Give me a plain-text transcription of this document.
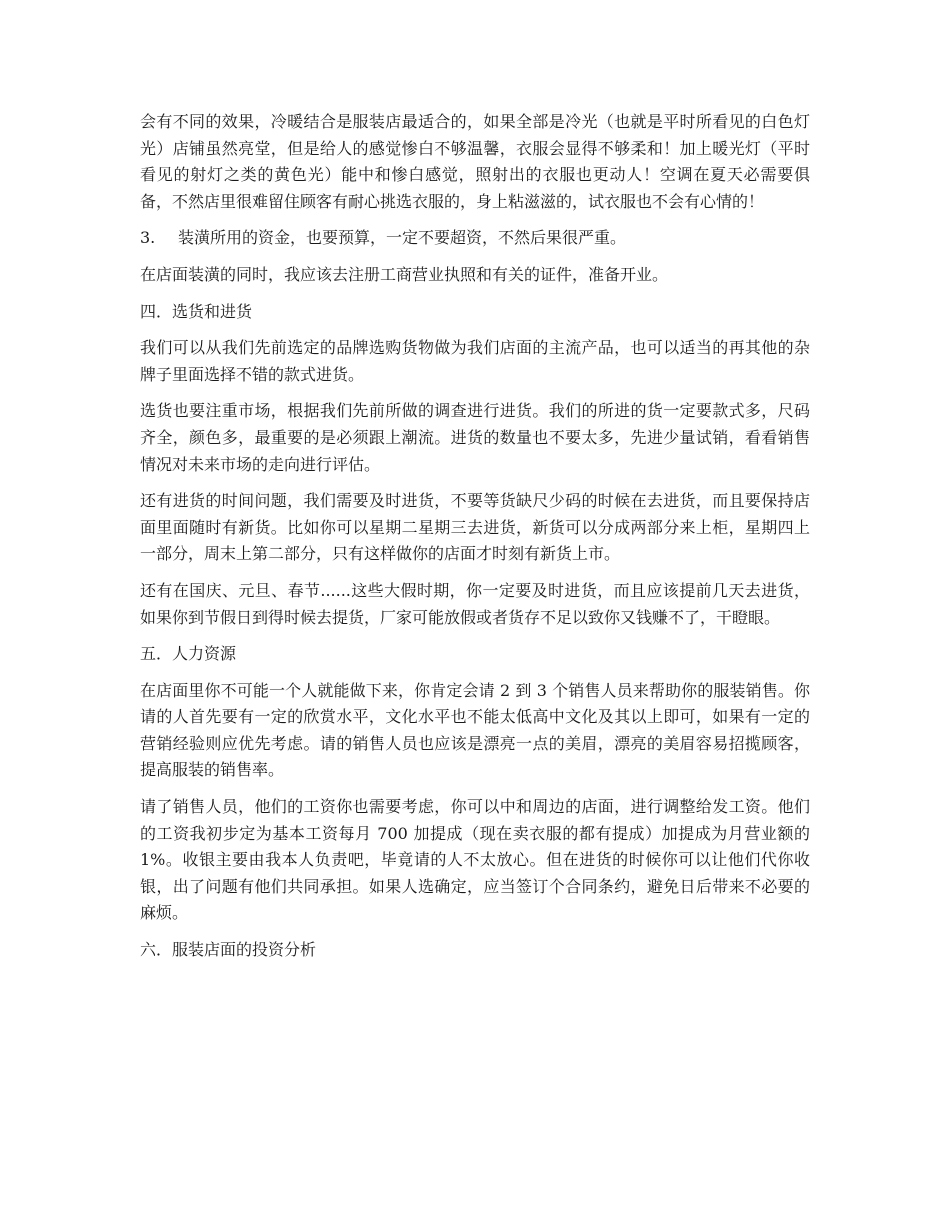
会有不同的效果，冷暖结合是服装店最适合的，如果全部是冷光（也就是平时所看见的白色灯光）店铺虽然亮堂，但是给人的感觉惨白不够温馨，衣服会显得不够柔和！加上暖光灯（平时看见的射灯之类的黄色光）能中和惨白感觉，照射出的衣服也更动人！空调在夏天必需要俱备，不然店里很难留住顾客有耐心挑选衣服的，身上粘滋滋的，试衣服也不会有心情的！

3. 装潢所用的资金，也要预算，一定不要超资，不然后果很严重。

在店面装潢的同时，我应该去注册工商营业执照和有关的证件，准备开业。

四．选货和进货

我们可以从我们先前选定的品牌选购货物做为我们店面的主流产品，也可以适当的再其他的杂牌子里面选择不错的款式进货。

选货也要注重市场，根据我们先前所做的调查进行进货。我们的所进的货一定要款式多，尺码齐全，颜色多，最重要的是必须跟上潮流。进货的数量也不要太多，先进少量试销，看看销售情况对未来市场的走向进行评估。

还有进货的时间问题，我们需要及时进货，不要等货缺尺少码的时候在去进货，而且要保持店面里面随时有新货。比如你可以星期二星期三去进货，新货可以分成两部分来上柜，星期四上一部分，周末上第二部分，只有这样做你的店面才时刻有新货上市。

还有在国庆、元旦、春节......这些大假时期，你一定要及时进货，而且应该提前几天去进货，如果你到节假日到得时候去提货，厂家可能放假或者货存不足以致你又钱赚不了，干瞪眼。

五．人力资源

在店面里你不可能一个人就能做下来，你肯定会请 2 到 3 个销售人员来帮助你的服装销售。你请的人首先要有一定的欣赏水平，文化水平也不能太低高中文化及其以上即可，如果有一定的营销经验则应优先考虑。请的销售人员也应该是漂亮一点的美眉，漂亮的美眉容易招揽顾客，提高服装的销售率。

请了销售人员，他们的工资你也需要考虑，你可以中和周边的店面，进行调整给发工资。他们的工资我初步定为基本工资每月 700 加提成（现在卖衣服的都有提成）加提成为月营业额的 1%。收银主要由我本人负责吧，毕竟请的人不太放心。但在进货的时候你可以让他们代你收银，出了问题有他们共同承担。如果人选确定，应当签订个合同条约，避免日后带来不必要的麻烦。

六．服装店面的投资分析
